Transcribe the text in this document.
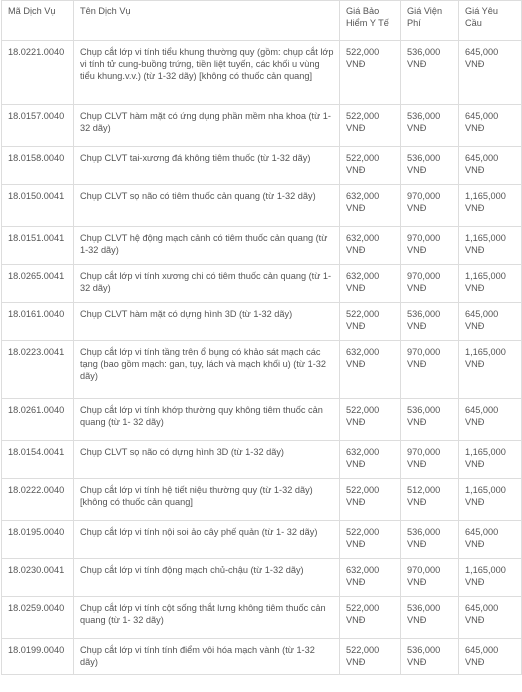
Mã Dịch Vụ	Tên Dịch Vụ	Giá Bảo Hiểm Y Tế	Giá Viện Phí	Giá Yêu Cầu
18.0221.0040	Chụp cắt lớp vi tính tiểu khung thường quy (gồm: chụp cắt lớp vi tính tử cung-buồng trứng, tiền liệt tuyến, các khối u vùng tiểu khung.v.v.) (từ 1-32 dãy) [không có thuốc cản quang]	522,000 VNĐ	536,000 VNĐ	645,000 VNĐ
18.0157.0040	Chụp CLVT hàm mặt có ứng dụng phần mềm nha khoa (từ 1-32 dãy)	522,000 VNĐ	536,000 VNĐ	645,000 VNĐ
18.0158.0040	Chụp CLVT tai-xương đá không tiêm thuốc (từ 1-32 dãy)	522,000 VNĐ	536,000 VNĐ	645,000 VNĐ
18.0150.0041	Chụp CLVT sọ não có tiêm thuốc cản quang (từ 1-32 dãy)	632,000 VNĐ	970,000 VNĐ	1,165,000 VNĐ
18.0151.0041	Chụp CLVT hệ động mạch cảnh có tiêm thuốc cản quang (từ 1-32 dãy)	632,000 VNĐ	970,000 VNĐ	1,165,000 VNĐ
18.0265.0041	Chụp cắt lớp vi tính xương chi có tiêm thuốc cản quang (từ 1- 32 dãy)	632,000 VNĐ	970,000 VNĐ	1,165,000 VNĐ
18.0161.0040	Chụp CLVT hàm mặt có dựng hình 3D (từ 1-32 dãy)	522,000 VNĐ	536,000 VNĐ	645,000 VNĐ
18.0223.0041	Chụp cắt lớp vi tính tầng trên ổ bụng có khảo sát mạch các tạng (bao gồm mạch: gan, tụy, lách và mạch khối u) (từ 1-32 dãy)	632,000 VNĐ	970,000 VNĐ	1,165,000 VNĐ
18.0261.0040	Chụp cắt lớp vi tính khớp thường quy không tiêm thuốc cản quang (từ 1- 32 dãy)	522,000 VNĐ	536,000 VNĐ	645,000 VNĐ
18.0154.0041	Chụp CLVT sọ não có dựng hình 3D (từ 1-32 dãy)	632,000 VNĐ	970,000 VNĐ	1,165,000 VNĐ
18.0222.0040	Chụp cắt lớp vi tính hệ tiết niệu thường quy (từ 1-32 dãy) [không có thuốc cản quang]	522,000 VNĐ	512,000 VNĐ	1,165,000 VNĐ
18.0195.0040	Chụp cắt lớp vi tính nội soi ảo cây phế quản (từ 1- 32 dãy)	522,000 VNĐ	536,000 VNĐ	645,000 VNĐ
18.0230.0041	Chụp cắt lớp vi tính động mạch chủ-chậu (từ 1-32 dãy)	632,000 VNĐ	970,000 VNĐ	1,165,000 VNĐ
18.0259.0040	Chụp cắt lớp vi tính cột sống thắt lưng không tiêm thuốc cản quang (từ 1- 32 dãy)	522,000 VNĐ	536,000 VNĐ	645,000 VNĐ
18.0199.0040	Chụp cắt lớp vi tính tính điểm vôi hóa mạch vành (từ 1-32 dãy)	522,000 VNĐ	536,000 VNĐ	645,000 VNĐ
